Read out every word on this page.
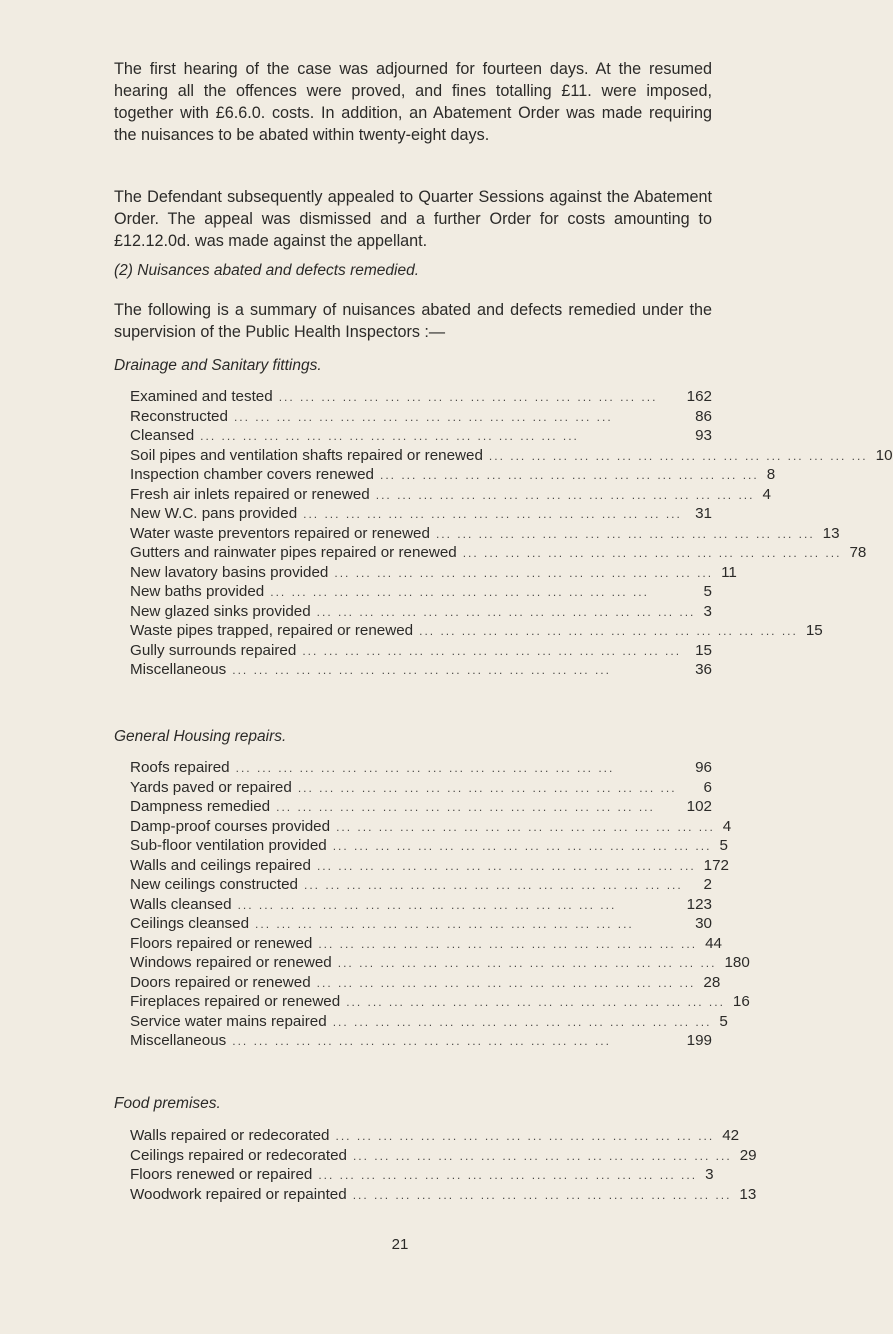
The first hearing of the case was adjourned for fourteen days. At the resumed hearing all the offences were proved, and fines totalling £11. were imposed, together with £6.6.0. costs. In addition, an Abatement Order was made requiring the nuisances to be abated within twenty-eight days.

The Defendant subsequently appealed to Quarter Sessions against the Abatement Order. The appeal was dismissed and a further Order for costs amounting to £12.12.0d. was made against the appellant.

(2) Nuisances abated and defects remedied.

The following is a summary of nuisances abated and defects remedied under the supervision of the Public Health Inspectors :—

Drainage and Sanitary fittings.

Examined and tested ... ... ... ... ... ... ... ... ... ... ... ... ... ... ... ... ... ...	162
Reconstructed ... ... ... ... ... ... ... ... ... ... ... ... ... ... ... ... ... ...	86
Cleansed ... ... ... ... ... ... ... ... ... ... ... ... ... ... ... ... ... ...	93
Soil pipes and ventilation shafts repaired or renewed ... ... ... ... ... ... ... ... ... ... ... ... ... ... ... ... ... ... 10
Inspection chamber covers renewed ... ... ... ... ... ... ... ... ... ... ... ... ... ... ... ... ... ... 8
Fresh air inlets repaired or renewed ... ... ... ... ... ... ... ... ... ... ... ... ... ... ... ... ... ... 4
New W.C. pans provided ... ... ... ... ... ... ... ... ... ... ... ... ... ... ... ... ... ... 31
Water waste preventors repaired or renewed ... ... ... ... ... ... ... ... ... ... ... ... ... ... ... ... ... ... 13
Gutters and rainwater pipes repaired or renewed ... ... ... ... ... ... ... ... ... ... ... ... ... ... ... ... ... ... 78
New lavatory basins provided ... ... ... ... ... ... ... ... ... ... ... ... ... ... ... ... ... ... 11
New baths provided ... ... ... ... ... ... ... ... ... ... ... ... ... ... ... ... ... ...	5
New glazed sinks provided ... ... ... ... ... ... ... ... ... ... ... ... ... ... ... ... ... ... 3
Waste pipes trapped, repaired or renewed ... ... ... ... ... ... ... ... ... ... ... ... ... ... ... ... ... ... 15
Gully surrounds repaired ... ... ... ... ... ... ... ... ... ... ... ... ... ... ... ... ... ... 15
Miscellaneous ... ... ... ... ... ... ... ... ... ... ... ... ... ... ... ... ... ...	36

General Housing repairs.

Roofs repaired ... ... ... ... ... ... ... ... ... ... ... ... ... ... ... ... ... ...	96
Yards paved or repaired ... ... ... ... ... ... ... ... ... ... ... ... ... ... ... ... ... ...	6
Dampness remedied ... ... ... ... ... ... ... ... ... ... ... ... ... ... ... ... ... ...	102
Damp-proof courses provided ... ... ... ... ... ... ... ... ... ... ... ... ... ... ... ... ... ... 4
Sub-floor ventilation provided ... ... ... ... ... ... ... ... ... ... ... ... ... ... ... ... ... ... 5
Walls and ceilings repaired ... ... ... ... ... ... ... ... ... ... ... ... ... ... ... ... ... ... 172
New ceilings constructed ... ... ... ... ... ... ... ... ... ... ... ... ... ... ... ... ... ...	2
Walls cleansed ... ... ... ... ... ... ... ... ... ... ... ... ... ... ... ... ... ...	123
Ceilings cleansed ... ... ... ... ... ... ... ... ... ... ... ... ... ... ... ... ... ...	30
Floors repaired or renewed ... ... ... ... ... ... ... ... ... ... ... ... ... ... ... ... ... ... 44
Windows repaired or renewed ... ... ... ... ... ... ... ... ... ... ... ... ... ... ... ... ... ... 180
Doors repaired or renewed ... ... ... ... ... ... ... ... ... ... ... ... ... ... ... ... ... ... 28
Fireplaces repaired or renewed ... ... ... ... ... ... ... ... ... ... ... ... ... ... ... ... ... ... 16
Service water mains repaired ... ... ... ... ... ... ... ... ... ... ... ... ... ... ... ... ... ... 5
Miscellaneous ... ... ... ... ... ... ... ... ... ... ... ... ... ... ... ... ... ...	199

Food premises.

Walls repaired or redecorated ... ... ... ... ... ... ... ... ... ... ... ... ... ... ... ... ... ... 42
Ceilings repaired or redecorated ... ... ... ... ... ... ... ... ... ... ... ... ... ... ... ... ... ... 29
Floors renewed or repaired ... ... ... ... ... ... ... ... ... ... ... ... ... ... ... ... ... ... 3
Woodwork repaired or repainted ... ... ... ... ... ... ... ... ... ... ... ... ... ... ... ... ... ... 13
21
